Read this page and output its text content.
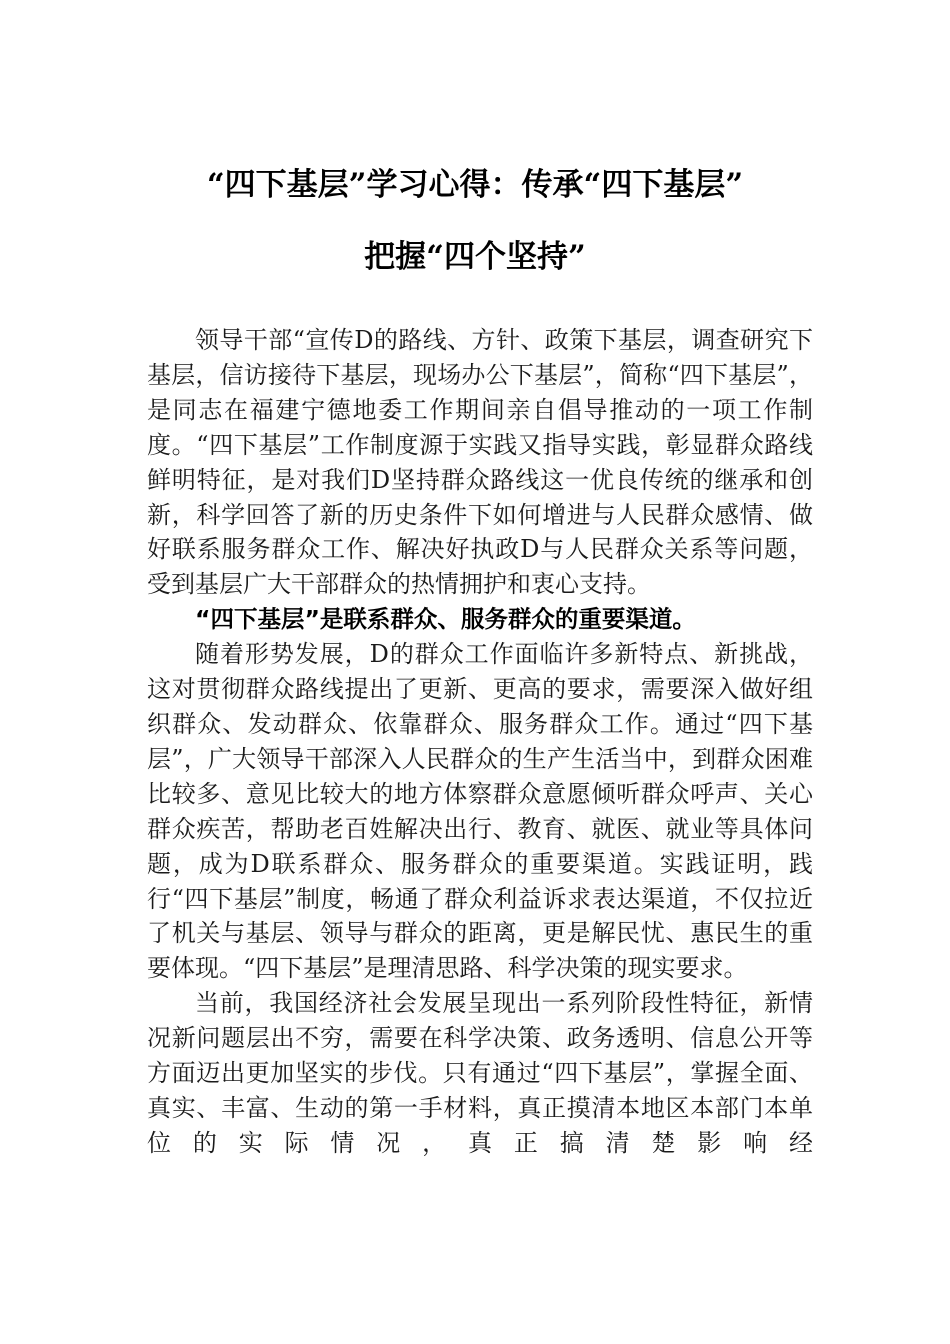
“四下基层”学习心得：传承“四下基层”
把握“四个坚持”

领导干部“宣传D的路线、方针、政策下基层，调查研究下基层，信访接待下基层，现场办公下基层”，简称“四下基层”，是同志在福建宁德地委工作期间亲自倡导推动的一项工作制度。“四下基层”工作制度源于实践又指导实践，彰显群众路线鲜明特征，是对我们D坚持群众路线这一优良传统的继承和创新，科学回答了新的历史条件下如何增进与人民群众感情、做好联系服务群众工作、解决好执政D与人民群众关系等问题，受到基层广大干部群众的热情拥护和衷心支持。

“四下基层”是联系群众、服务群众的重要渠道。

随着形势发展，D的群众工作面临许多新特点、新挑战，这对贯彻群众路线提出了更新、更高的要求，需要深入做好组织群众、发动群众、依靠群众、服务群众工作。通过“四下基层”，广大领导干部深入人民群众的生产生活当中，到群众困难比较多、意见比较大的地方体察群众意愿倾听群众呼声、关心群众疾苦，帮助老百姓解决出行、教育、就医、就业等具体问题，成为D联系群众、服务群众的重要渠道。实践证明，践行“四下基层”制度，畅通了群众利益诉求表达渠道，不仅拉近了机关与基层、领导与群众的距离，更是解民忧、惠民生的重要体现。“四下基层”是理清思路、科学决策的现实要求。

当前，我国经济社会发展呈现出一系列阶段性特征，新情况新问题层出不穷，需要在科学决策、政务透明、信息公开等方面迈出更加坚实的步伐。只有通过“四下基层”，掌握全面、真实、丰富、生动的第一手材料，真正摸清本地区本部门本单位的实际情况，真正搞清楚影响经
